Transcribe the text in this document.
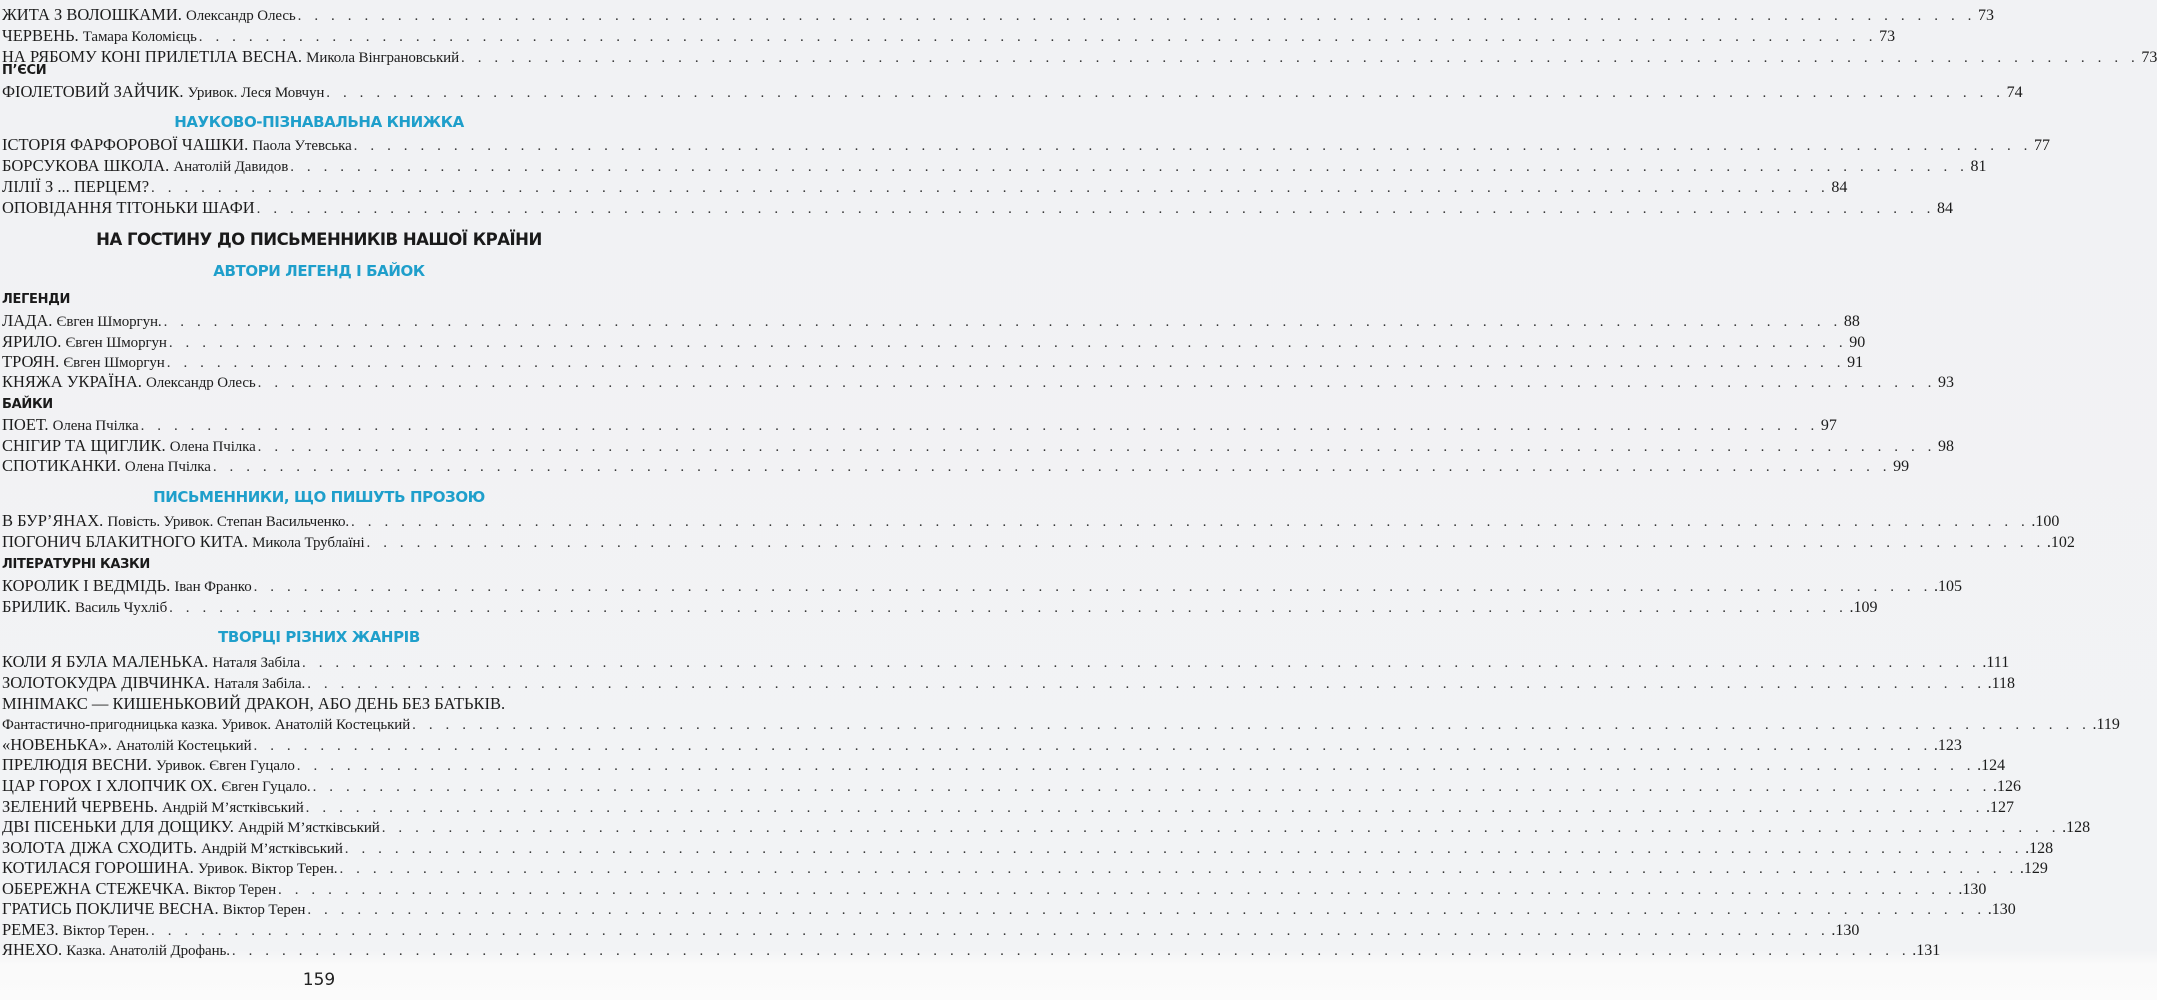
ЖИТА З ВОЛОШКАМИ. Олександр Олесь . . . . . . . . . . . . . . . . . . . . . . . . . . . . . . . . . . . . . . . . . . . . . . . . . . . . . . . . . . . . . . . . . . . . . . . . . . . . . . . . . . . . . . . . . . . . . . . . . . . . . 73
ЧЕРВЕНЬ. Тамара Коломієць . . . . . . . . . . . . . . . . . . . . . . . . . . . . . . . . . . . . . . . . . . . . . . . . . . . . . . . . . . . . . . . . . . . . . . . . . . . . . . . . . . . . . . . . . . . . . . . . . . . . . 73
НА РЯБОМУ КОНІ ПРИЛЕТІЛА ВЕСНА. Микола Вінграновський . . . . . . . . . . . . . . . . . . . . . . . . . . . . . . . . . . . . . . . . . . . . . . . . . . . . . . . . . . . . . . . . . . . . . . . . . . . . . . . . . . . . . . . . . . . . . . . . . . . . . 73
П’ЄСИ
ФІОЛЕТОВИЙ ЗАЙЧИК. Уривок. Леся Мовчун . . . . . . . . . . . . . . . . . . . . . . . . . . . . . . . . . . . . . . . . . . . . . . . . . . . . . . . . . . . . . . . . . . . . . . . . . . . . . . . . . . . . . . . . . . . . . . . . . . . . . 74
НАУКОВО-ПІЗНАВАЛЬНА КНИЖКА
ІСТОРІЯ ФАРФОРОВОЇ ЧАШКИ. Паола Утевська . . . . . . . . . . . . . . . . . . . . . . . . . . . . . . . . . . . . . . . . . . . . . . . . . . . . . . . . . . . . . . . . . . . . . . . . . . . . . . . . . . . . . . . . . . . . . . . . . . . . . 77
БОРСУКОВА ШКОЛА. Анатолій Давидов . . . . . . . . . . . . . . . . . . . . . . . . . . . . . . . . . . . . . . . . . . . . . . . . . . . . . . . . . . . . . . . . . . . . . . . . . . . . . . . . . . . . . . . . . . . . . . . . . . . . . 81
ЛІЛІЇ З ... ПЕРЦЕМ? . . . . . . . . . . . . . . . . . . . . . . . . . . . . . . . . . . . . . . . . . . . . . . . . . . . . . . . . . . . . . . . . . . . . . . . . . . . . . . . . . . . . . . . . . . . . . . . . . . . . . 84
ОПОВІДАННЯ ТІТОНЬКИ ШАФИ . . . . . . . . . . . . . . . . . . . . . . . . . . . . . . . . . . . . . . . . . . . . . . . . . . . . . . . . . . . . . . . . . . . . . . . . . . . . . . . . . . . . . . . . . . . . . . . . . . . . . 84
НА ГОСТИНУ ДО ПИСЬМЕННИКІВ НАШОЇ КРАЇНИ
АВТОРИ ЛЕГЕНД І БАЙОК
ЛЕГЕНДИ
ЛАДА. Євген Шморгун. . . . . . . . . . . . . . . . . . . . . . . . . . . . . . . . . . . . . . . . . . . . . . . . . . . . . . . . . . . . . . . . . . . . . . . . . . . . . . . . . . . . . . . . . . . . . . . . . . . . . . 88
ЯРИЛО. Євген Шморгун . . . . . . . . . . . . . . . . . . . . . . . . . . . . . . . . . . . . . . . . . . . . . . . . . . . . . . . . . . . . . . . . . . . . . . . . . . . . . . . . . . . . . . . . . . . . . . . . . . . . . 90
ТРОЯН. Євген Шморгун . . . . . . . . . . . . . . . . . . . . . . . . . . . . . . . . . . . . . . . . . . . . . . . . . . . . . . . . . . . . . . . . . . . . . . . . . . . . . . . . . . . . . . . . . . . . . . . . . . . . . 91
КНЯЖА УКРАЇНА. Олександр Олесь . . . . . . . . . . . . . . . . . . . . . . . . . . . . . . . . . . . . . . . . . . . . . . . . . . . . . . . . . . . . . . . . . . . . . . . . . . . . . . . . . . . . . . . . . . . . . . . . . . . . . 93
БАЙКИ
ПОЕТ. Олена Пчілка . . . . . . . . . . . . . . . . . . . . . . . . . . . . . . . . . . . . . . . . . . . . . . . . . . . . . . . . . . . . . . . . . . . . . . . . . . . . . . . . . . . . . . . . . . . . . . . . . . . . . 97
СНІГИР ТА ЩИГЛИК. Олена Пчілка . . . . . . . . . . . . . . . . . . . . . . . . . . . . . . . . . . . . . . . . . . . . . . . . . . . . . . . . . . . . . . . . . . . . . . . . . . . . . . . . . . . . . . . . . . . . . . . . . . . . . 98
СПОТИКАНКИ. Олена Пчілка . . . . . . . . . . . . . . . . . . . . . . . . . . . . . . . . . . . . . . . . . . . . . . . . . . . . . . . . . . . . . . . . . . . . . . . . . . . . . . . . . . . . . . . . . . . . . . . . . . . . . 99
ПИСЬМЕННИКИ, ЩО ПИШУТЬ ПРОЗОЮ
В БУР’ЯНАХ. Повість. Уривок. Степан Васильченко. . . . . . . . . . . . . . . . . . . . . . . . . . . . . . . . . . . . . . . . . . . . . . . . . . . . . . . . . . . . . . . . . . . . . . . . . . . . . . . . . . . . . . . . . . . . . . . . . . . . . . .100
ПОГОНИЧ БЛАКИТНОГО КИТА. Микола Трублаїні . . . . . . . . . . . . . . . . . . . . . . . . . . . . . . . . . . . . . . . . . . . . . . . . . . . . . . . . . . . . . . . . . . . . . . . . . . . . . . . . . . . . . . . . . . . . . . . . . . . . . .102
ЛІТЕРАТУРНІ КАЗКИ
КОРОЛИК І ВЕДМІДЬ. Іван Франко . . . . . . . . . . . . . . . . . . . . . . . . . . . . . . . . . . . . . . . . . . . . . . . . . . . . . . . . . . . . . . . . . . . . . . . . . . . . . . . . . . . . . . . . . . . . . . . . . . . . . .105
БРИЛИК. Василь Чухліб . . . . . . . . . . . . . . . . . . . . . . . . . . . . . . . . . . . . . . . . . . . . . . . . . . . . . . . . . . . . . . . . . . . . . . . . . . . . . . . . . . . . . . . . . . . . . . . . . . . . . .109
ТВОРЦІ РІЗНИХ ЖАНРІВ
КОЛИ Я БУЛА МАЛЕНЬКА. Наталя Забіла . . . . . . . . . . . . . . . . . . . . . . . . . . . . . . . . . . . . . . . . . . . . . . . . . . . . . . . . . . . . . . . . . . . . . . . . . . . . . . . . . . . . . . . . . . . . . . . . . . . . . .111
ЗОЛОТОКУДРА ДІВЧИНКА. Наталя Забіла. . . . . . . . . . . . . . . . . . . . . . . . . . . . . . . . . . . . . . . . . . . . . . . . . . . . . . . . . . . . . . . . . . . . . . . . . . . . . . . . . . . . . . . . . . . . . . . . . . . . . . .118
МІНІМАКС — КИШЕНЬКОВИЙ ДРАКОН, АБО ДЕНЬ БЕЗ БАТЬКІВ.
Фантастично-пригодницька казка. Уривок. Анатолій Костецький . . . . . . . . . . . . . . . . . . . . . . . . . . . . . . . . . . . . . . . . . . . . . . . . . . . . . . . . . . . . . . . . . . . . . . . . . . . . . . . . . . . . . . . . . . . . . . . . . . . . . .119
«НОВЕНЬКА». Анатолій Костецький . . . . . . . . . . . . . . . . . . . . . . . . . . . . . . . . . . . . . . . . . . . . . . . . . . . . . . . . . . . . . . . . . . . . . . . . . . . . . . . . . . . . . . . . . . . . . . . . . . . . . .123
ПРЕЛЮДІЯ ВЕСНИ. Уривок. Євген Гуцало . . . . . . . . . . . . . . . . . . . . . . . . . . . . . . . . . . . . . . . . . . . . . . . . . . . . . . . . . . . . . . . . . . . . . . . . . . . . . . . . . . . . . . . . . . . . . . . . . . . . . .124
ЦАР ГОРОХ І ХЛОПЧИК ОХ. Євген Гуцало. . . . . . . . . . . . . . . . . . . . . . . . . . . . . . . . . . . . . . . . . . . . . . . . . . . . . . . . . . . . . . . . . . . . . . . . . . . . . . . . . . . . . . . . . . . . . . . . . . . . . . .126
ЗЕЛЕНИЙ ЧЕРВЕНЬ. Андрій М’ястківський . . . . . . . . . . . . . . . . . . . . . . . . . . . . . . . . . . . . . . . . . . . . . . . . . . . . . . . . . . . . . . . . . . . . . . . . . . . . . . . . . . . . . . . . . . . . . . . . . . . . . .127
ДВІ ПІСЕНЬКИ ДЛЯ ДОЩИКУ. Андрій М’ястківський . . . . . . . . . . . . . . . . . . . . . . . . . . . . . . . . . . . . . . . . . . . . . . . . . . . . . . . . . . . . . . . . . . . . . . . . . . . . . . . . . . . . . . . . . . . . . . . . . . . . . .128
ЗОЛОТА ДІЖА СХОДИТЬ. Андрій М’ястківський . . . . . . . . . . . . . . . . . . . . . . . . . . . . . . . . . . . . . . . . . . . . . . . . . . . . . . . . . . . . . . . . . . . . . . . . . . . . . . . . . . . . . . . . . . . . . . . . . . . . . .128
КОТИЛАСЯ ГОРОШИНА. Уривок. Віктор Терен. . . . . . . . . . . . . . . . . . . . . . . . . . . . . . . . . . . . . . . . . . . . . . . . . . . . . . . . . . . . . . . . . . . . . . . . . . . . . . . . . . . . . . . . . . . . . . . . . . . . . . .129
ОБЕРЕЖНА СТЕЖЕЧКА. Віктор Терен . . . . . . . . . . . . . . . . . . . . . . . . . . . . . . . . . . . . . . . . . . . . . . . . . . . . . . . . . . . . . . . . . . . . . . . . . . . . . . . . . . . . . . . . . . . . . . . . . . . . . .130
ГРАТИСЬ ПОКЛИЧЕ ВЕСНА. Віктор Терен . . . . . . . . . . . . . . . . . . . . . . . . . . . . . . . . . . . . . . . . . . . . . . . . . . . . . . . . . . . . . . . . . . . . . . . . . . . . . . . . . . . . . . . . . . . . . . . . . . . . . .130
РЕМЕЗ. Віктор Терен. . . . . . . . . . . . . . . . . . . . . . . . . . . . . . . . . . . . . . . . . . . . . . . . . . . . . . . . . . . . . . . . . . . . . . . . . . . . . . . . . . . . . . . . . . . . . . . . . . . . . . .130
ЯНЕХО. Казка. Анатолій Дрофань. . . . . . . . . . . . . . . . . . . . . . . . . . . . . . . . . . . . . . . . . . . . . . . . . . . . . . . . . . . . . . . . . . . . . . . . . . . . . . . . . . . . . . . . . . . . . . . . . . . . . . .131
159
